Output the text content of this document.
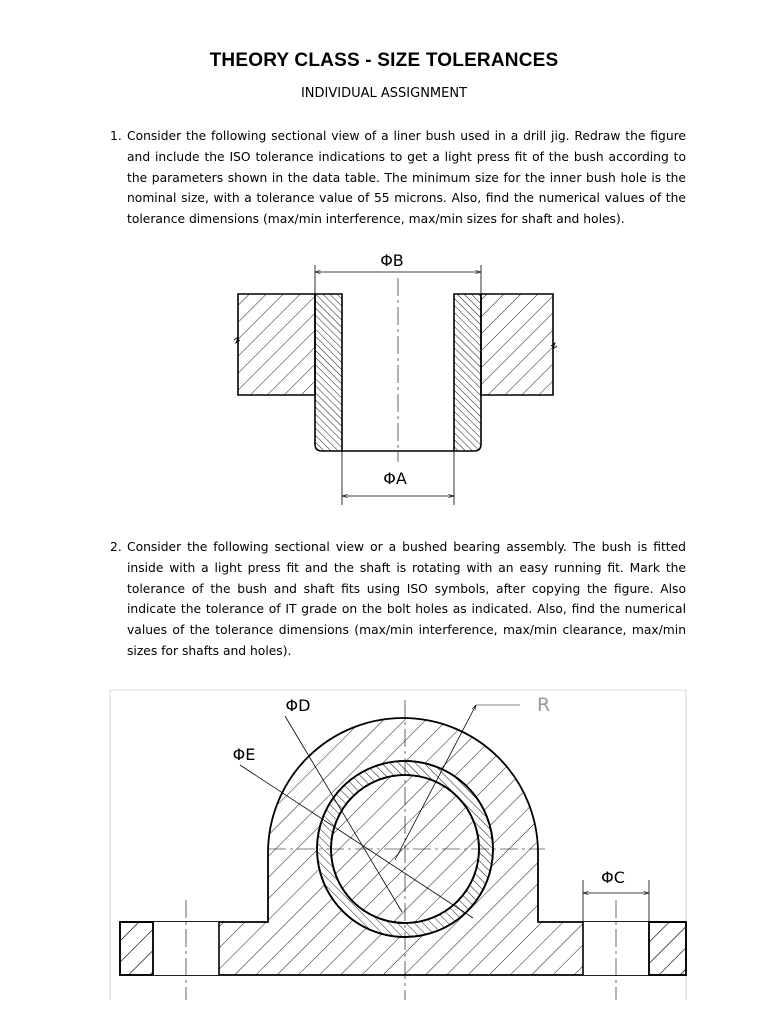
THEORY CLASS - SIZE TOLERANCES
INDIVIDUAL ASSIGNMENT
1. Consider the following sectional view of a liner bush used in a drill jig. Redraw the figure and include the ISO tolerance indications to get a light press fit of the bush according to the parameters shown in the data table. The minimum size for the inner bush hole is the nominal size, with a tolerance value of 55 microns. Also, find the numerical values of the tolerance dimensions (max/min interference, max/min sizes for shaft and holes).
2. Consider the following sectional view or a bushed bearing assembly. The bush is fitted inside with a light press fit and the shaft is rotating with an easy running fit. Mark the tolerance of the bush and shaft fits using ISO symbols, after copying the figure. Also indicate the tolerance of IT grade on the bolt holes as indicated. Also, find the numerical values of the tolerance dimensions (max/min interference, max/min clearance, max/min sizes for shafts and holes).
ΦB
ΦA
ΦD
ΦE
ΦC
R
